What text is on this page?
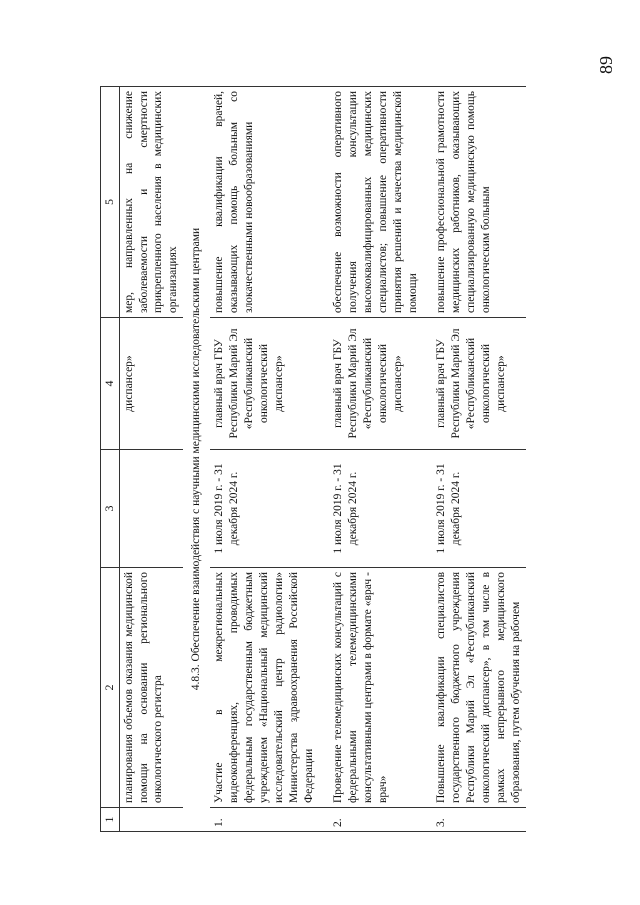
89
1	2	3	4	5
	планирования объемов оказания медицинской помощи на основании регионального онкологического регистра		диспансер»	мер, направленных на снижение заболеваемости и смертности прикрепленного населения в медицинских организациях
4.8.3. Обеспечение взаимодействия с научными медицинскими исследовательскими центрами				
1.	Участие в межрегиональных видеоконференциях, проводимых федеральным государственным бюджетным учреждением «Национальный медицинский исследовательский центр радиологии» Министерства здравоохранения Российской Федерации	1 июля 2019 г. - 31 декабря 2024 г.	главный врач ГБУ Республики Марий Эл «Республиканский онкологический диспансер»	повышение квалификации врачей, оказывающих помощь больным со злокачественными новообразованиями

2.	Проведение телемедицинских консультаций с федеральными телемедицинскими консультативными центрами в формате «врач - врач»	1 июля 2019 г. - 31 декабря 2024 г.	главный врач ГБУ Республики Марий Эл «Республиканский онкологический диспансер»	обеспечение возможности оперативного получения консультации высококвалифицированных медицинских специалистов; повышение оперативности принятия решений и качества медицинской помощи

3.	Повышение квалификации специалистов государственного бюджетного учреждения Республики Марий Эл «Республиканский онкологический диспансер», в том числе в рамках непрерывного медицинского образования, путем обучения на рабочем	1 июля 2019 г. - 31 декабря 2024 г.	главный врач ГБУ Республики Марий Эл «Республиканский онкологический диспансер»	повышение профессиональной грамотности медицинских работников, оказывающих специализированную медицинскую помощь онкологическим больным
